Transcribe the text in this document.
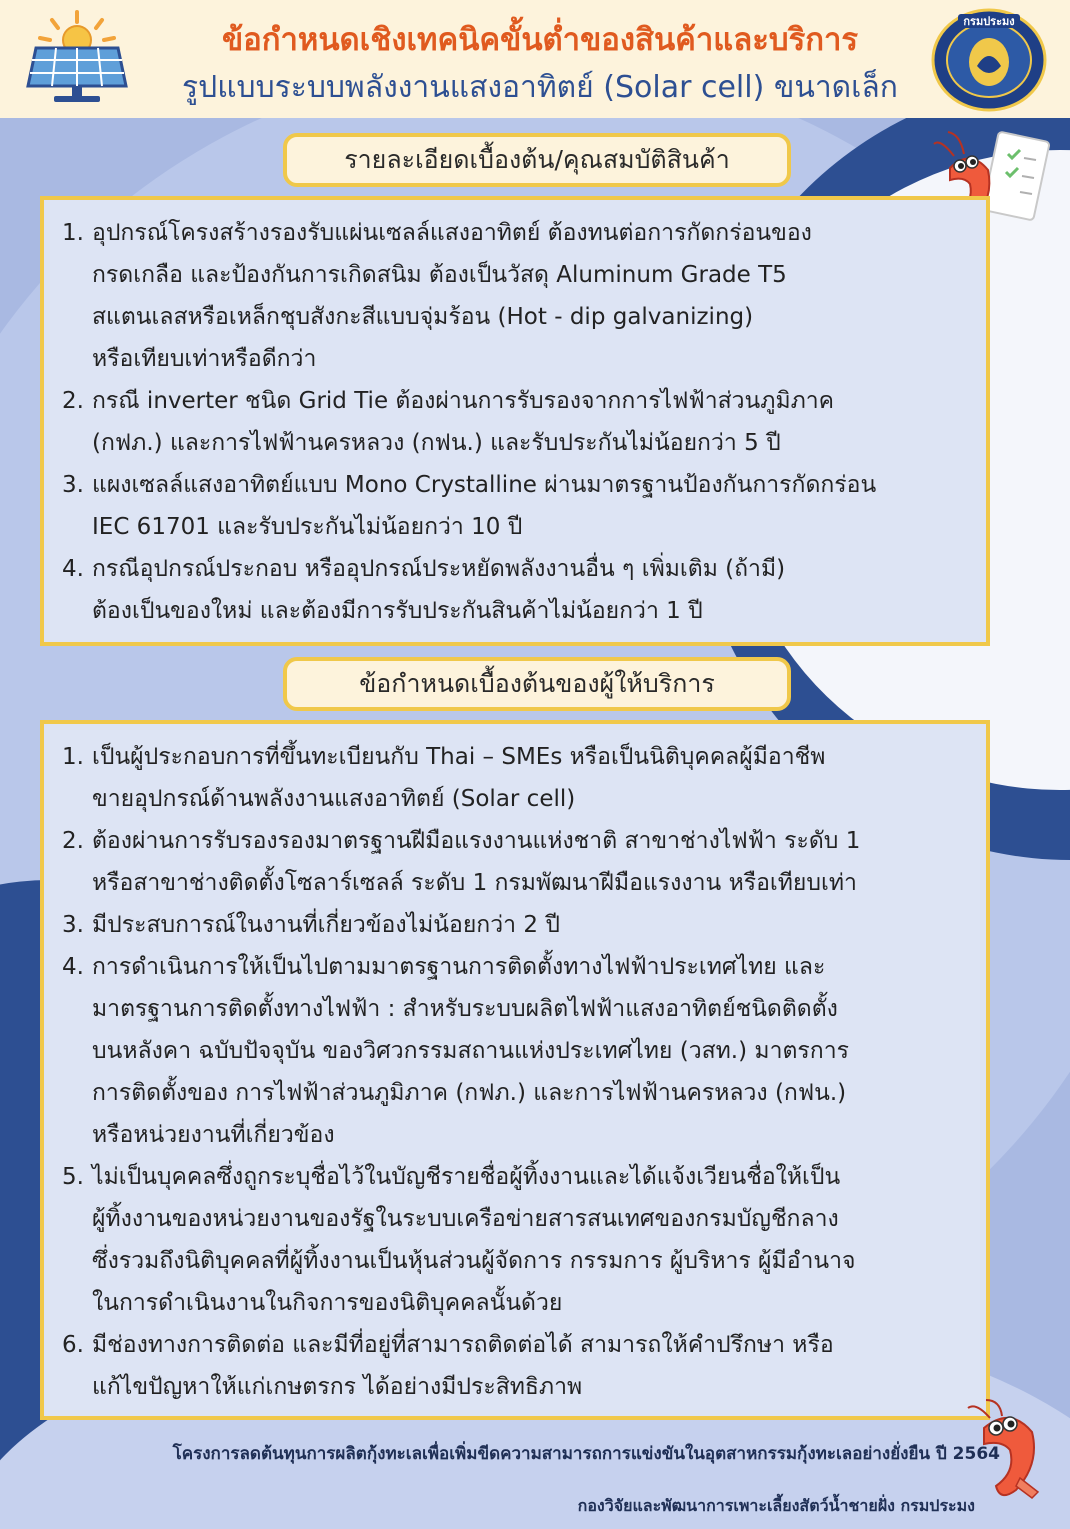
ข้อกำหนดเชิงเทคนิคขั้นต่ำของสินค้าและบริการ
รูปแบบระบบพลังงานแสงอาทิตย์ (Solar cell) ขนาดเล็ก
กรมประมง
รายละเอียดเบื้องต้น/คุณสมบัติสินค้า
1. อุปกรณ์โครงสร้างรองรับแผ่นเซลล์แสงอาทิตย์ ต้องทนต่อการกัดกร่อนของ
กรดเกลือ และป้องกันการเกิดสนิม ต้องเป็นวัสดุ Aluminum Grade T5
สแตนเลสหรือเหล็กชุบสังกะสีแบบจุ่มร้อน (Hot - dip galvanizing)
หรือเทียบเท่าหรือดีกว่า
2. กรณี inverter ชนิด Grid Tie ต้องผ่านการรับรองจากการไฟฟ้าส่วนภูมิภาค
(กฟภ.) และการไฟฟ้านครหลวง (กฟน.) และรับประกันไม่น้อยกว่า 5 ปี
3. แผงเซลล์แสงอาทิตย์แบบ Mono Crystalline ผ่านมาตรฐานป้องกันการกัดกร่อน
IEC 61701 และรับประกันไม่น้อยกว่า 10 ปี
4. กรณีอุปกรณ์ประกอบ หรืออุปกรณ์ประหยัดพลังงานอื่น ๆ เพิ่มเติม (ถ้ามี)
ต้องเป็นของใหม่ และต้องมีการรับประกันสินค้าไม่น้อยกว่า 1 ปี
ข้อกำหนดเบื้องต้นของผู้ให้บริการ
1. เป็นผู้ประกอบการที่ขึ้นทะเบียนกับ Thai – SMEs หรือเป็นนิติบุคคลผู้มีอาชีพ
ขายอุปกรณ์ด้านพลังงานแสงอาทิตย์ (Solar cell)
2. ต้องผ่านการรับรองรองมาตรฐานฝีมือแรงงานแห่งชาติ สาขาช่างไฟฟ้า ระดับ 1
หรือสาขาช่างติดตั้งโซลาร์เซลล์ ระดับ 1 กรมพัฒนาฝีมือแรงงาน หรือเทียบเท่า
3. มีประสบการณ์ในงานที่เกี่ยวข้องไม่น้อยกว่า 2 ปี
4. การดำเนินการให้เป็นไปตามมาตรฐานการติดตั้งทางไฟฟ้าประเทศไทย และ
มาตรฐานการติดตั้งทางไฟฟ้า : สำหรับระบบผลิตไฟฟ้าแสงอาทิตย์ชนิดติดตั้ง
บนหลังคา ฉบับปัจจุบัน ของวิศวกรรมสถานแห่งประเทศไทย (วสท.) มาตรการ
การติดตั้งของ การไฟฟ้าส่วนภูมิภาค (กฟภ.) และการไฟฟ้านครหลวง (กฟน.)
หรือหน่วยงานที่เกี่ยวข้อง
5. ไม่เป็นบุคคลซึ่งถูกระบุชื่อไว้ในบัญชีรายชื่อผู้ทิ้งงานและได้แจ้งเวียนชื่อให้เป็น
ผู้ทิ้งงานของหน่วยงานของรัฐในระบบเครือข่ายสารสนเทศของกรมบัญชีกลาง
ซึ่งรวมถึงนิติบุคคลที่ผู้ทิ้งงานเป็นหุ้นส่วนผู้จัดการ กรรมการ ผู้บริหาร ผู้มีอำนาจ
ในการดำเนินงานในกิจการของนิติบุคคลนั้นด้วย
6. มีช่องทางการติดต่อ และมีที่อยู่ที่สามารถติดต่อได้ สามารถให้คำปรึกษา หรือ
แก้ไขปัญหาให้แก่เกษตรกร ได้อย่างมีประสิทธิภาพ
โครงการลดต้นทุนการผลิตกุ้งทะเลเพื่อเพิ่มขีดความสามารถการแข่งขันในอุตสาหกรรมกุ้งทะเลอย่างยั่งยืน ปี 2564
กองวิจัยและพัฒนาการเพาะเลี้ยงสัตว์น้ำชายฝั่ง กรมประมง
